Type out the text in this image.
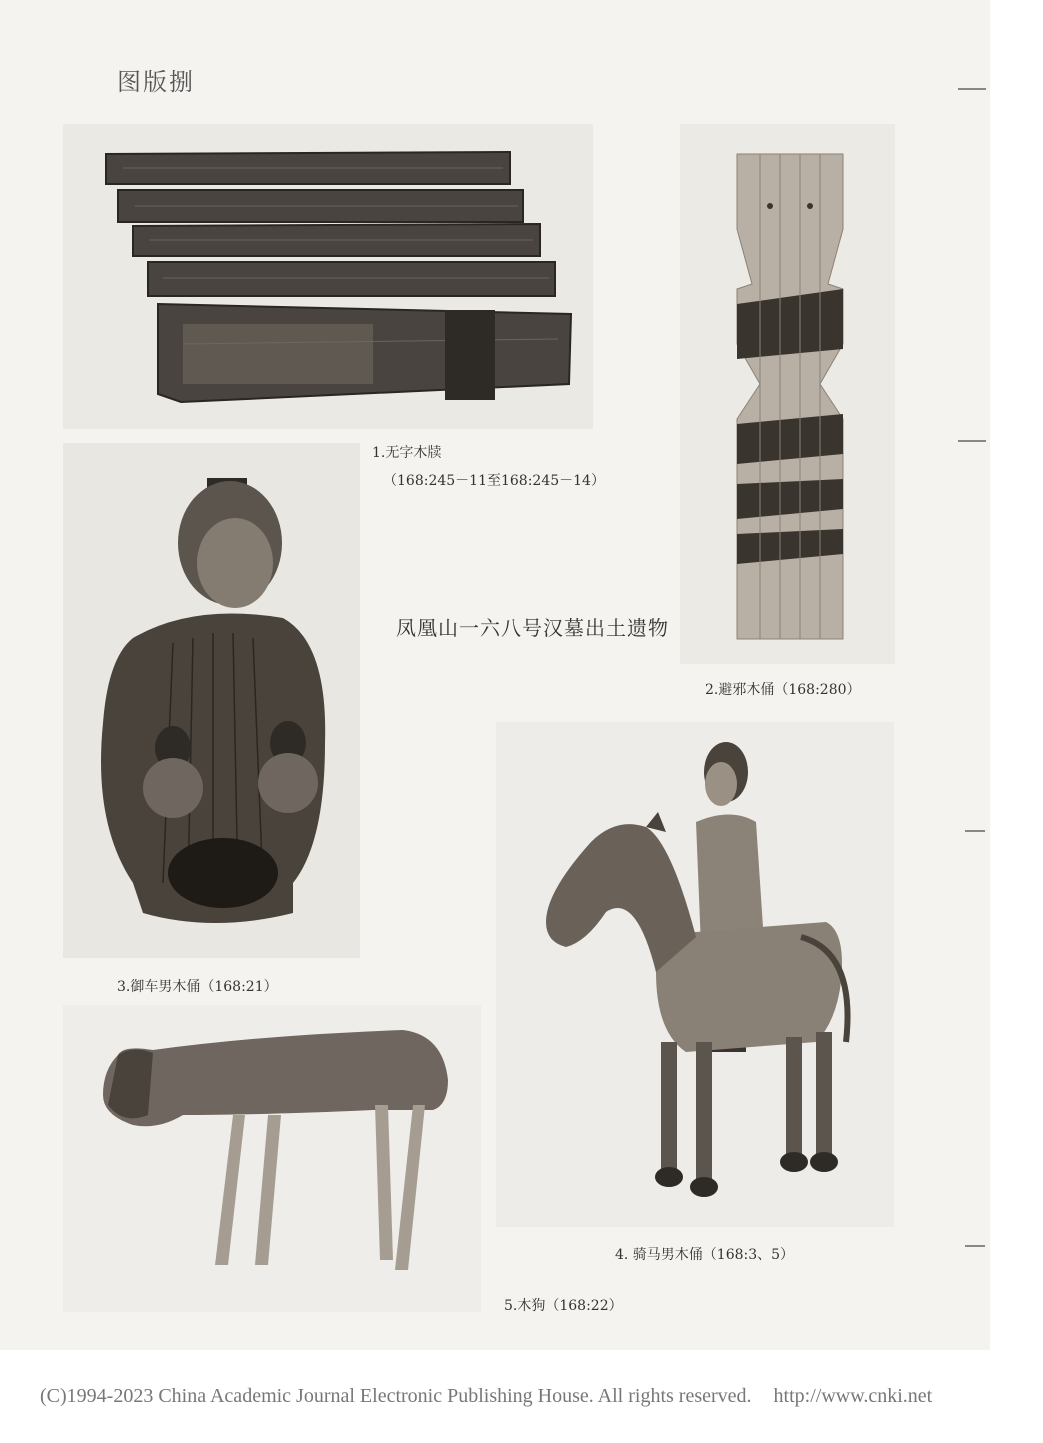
图版捌
1.无字木牍
（168:245－11至168:245－14）
凤凰山一六八号汉墓出土遗物
2.避邪木俑（168:280）
3.御车男木俑（168:21）
4. 骑马男木俑（168:3、5）
5.木狗（168:22）
(C)1994-2023 China Academic Journal Electronic Publishing House. All rights reserved. http://www.cnki.net
